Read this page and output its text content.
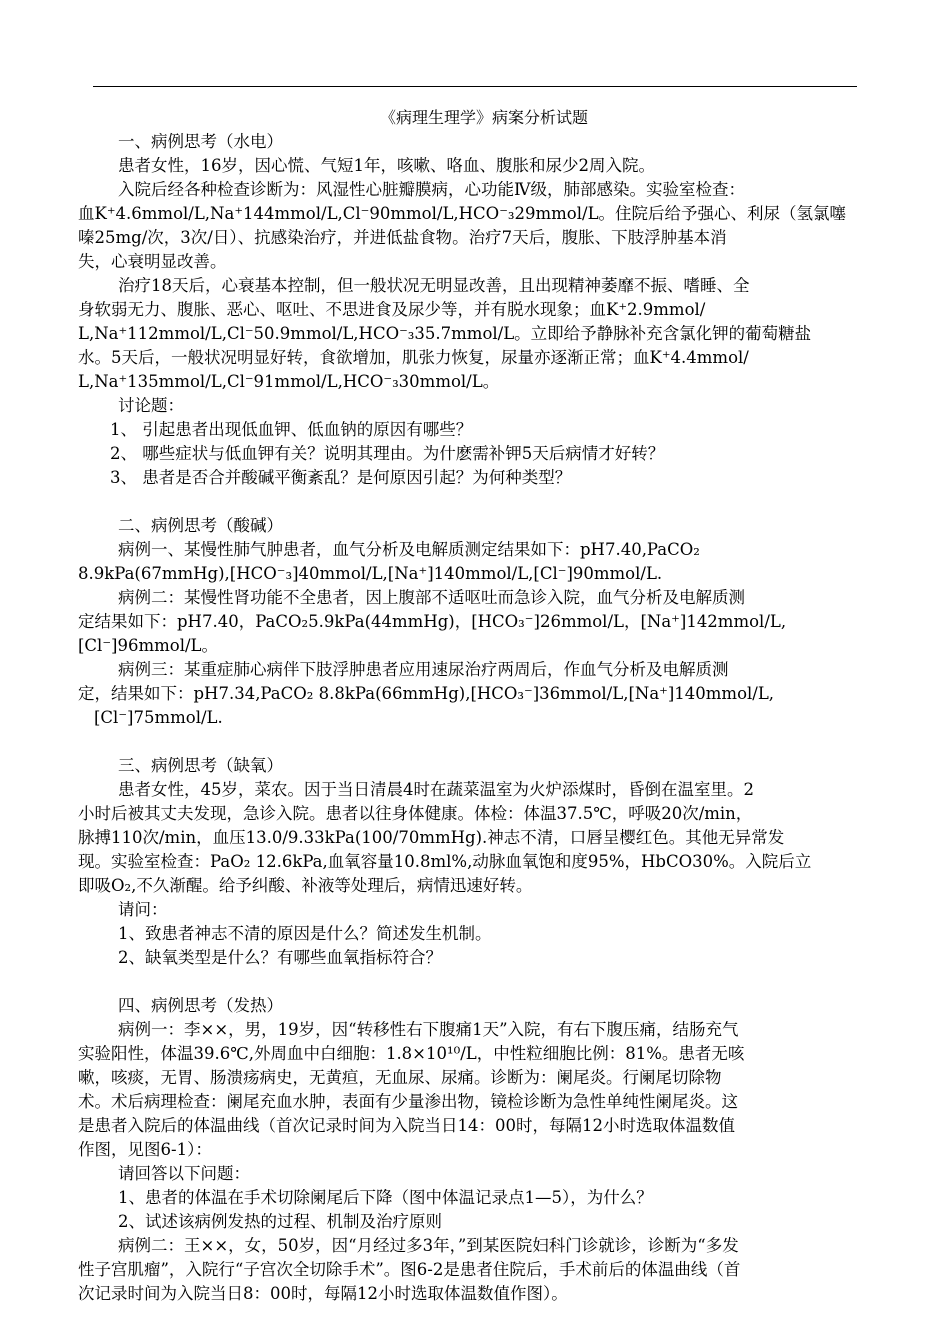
《病理生理学》病案分析试题
一、病例思考（水电）
患者女性，16岁，因心慌、气短1年，咳嗽、咯血、腹胀和尿少2周入院。
入院后经各种检查诊断为：风湿性心脏瓣膜病，心功能Ⅳ级，肺部感染。实验室检查：
血K⁺4.6mmol/L,Na⁺144mmol/L,Cl⁻90mmol/L,HCO⁻₃29mmol/L。住院后给予强心、利尿（氢氯噻
嗪25mg/次，3次/日）、抗感染治疗，并进低盐食物。治疗7天后，腹胀、下肢浮肿基本消
失，心衰明显改善。
治疗18天后，心衰基本控制，但一般状况无明显改善，且出现精神萎靡不振、嗜睡、全
身软弱无力、腹胀、恶心、呕吐、不思进食及尿少等，并有脱水现象；血K⁺2.9mmol/
L,Na⁺112mmol/L,Cl⁻50.9mmol/L,HCO⁻₃35.7mmol/L。立即给予静脉补充含氯化钾的葡萄糖盐
水。5天后，一般状况明显好转，食欲增加，肌张力恢复，尿量亦逐渐正常；血K⁺4.4mmol/
L,Na⁺135mmol/L,Cl⁻91mmol/L,HCO⁻₃30mmol/L。
讨论题：
1、 引起患者出现低血钾、低血钠的原因有哪些？
2、 哪些症状与低血钾有关？说明其理由。为什麽需补钾5天后病情才好转？
3、 患者是否合并酸碱平衡紊乱？是何原因引起？为何种类型？
二、病例思考（酸碱）
病例一、某慢性肺气肿患者，血气分析及电解质测定结果如下：pH7.40,PaCO₂
8.9kPa(67mmHg),[HCO⁻₃]40mmol/L,[Na⁺]140mmol/L,[Cl⁻]90mmol/L.
病例二：某慢性肾功能不全患者，因上腹部不适呕吐而急诊入院，血气分析及电解质测
定结果如下：pH7.40，PaCO₂5.9kPa(44mmHg)，[HCO₃⁻]26mmol/L，[Na⁺]142mmol/L,
[Cl⁻]96mmol/L。
病例三：某重症肺心病伴下肢浮肿患者应用速尿治疗两周后，作血气分析及电解质测
定，结果如下：pH7.34,PaCO₂ 8.8kPa(66mmHg),[HCO₃⁻]36mmol/L,[Na⁺]140mmol/L,
[Cl⁻]75mmol/L.
三、病例思考（缺氧）
患者女性，45岁，菜农。因于当日清晨4时在蔬菜温室为火炉添煤时，昏倒在温室里。2
小时后被其丈夫发现，急诊入院。患者以往身体健康。体检：体温37.5℃，呼吸20次/min，
脉搏110次/min，血压13.0/9.33kPa(100/70mmHg).神志不清，口唇呈樱红色。其他无异常发
现。实验室检查：PaO₂ 12.6kPa,血氧容量10.8ml%,动脉血氧饱和度95%，HbCO30%。入院后立
即吸O₂,不久渐醒。给予纠酸、补液等处理后，病情迅速好转。
请问：
1、致患者神志不清的原因是什么？简述发生机制。
2、缺氧类型是什么？有哪些血氧指标符合？
四、病例思考（发热）
病例一：李××，男，19岁，因“转移性右下腹痛1天”入院，有右下腹压痛，结肠充气
实验阳性，体温39.6℃,外周血中白细胞：1.8×10¹⁰/L，中性粒细胞比例：81%。患者无咳
嗽，咳痰，无胃、肠溃疡病史，无黄疸，无血尿、尿痛。诊断为：阑尾炎。行阑尾切除物
术。术后病理检查：阑尾充血水肿，表面有少量渗出物，镜检诊断为急性单纯性阑尾炎。这
是患者入院后的体温曲线（首次记录时间为入院当日14：00时，每隔12小时选取体温数值
作图，见图6-1）：
请回答以下问题：
1、患者的体温在手术切除阑尾后下降（图中体温记录点1—5），为什么？
2、试述该病例发热的过程、机制及治疗原则
病例二：王××，女，50岁，因“月经过多3年，”到某医院妇科门诊就诊，诊断为“多发
性子宫肌瘤”，入院行“子宫次全切除手术”。图6-2是患者住院后，手术前后的体温曲线（首
次记录时间为入院当日8：00时，每隔12小时选取体温数值作图）。
